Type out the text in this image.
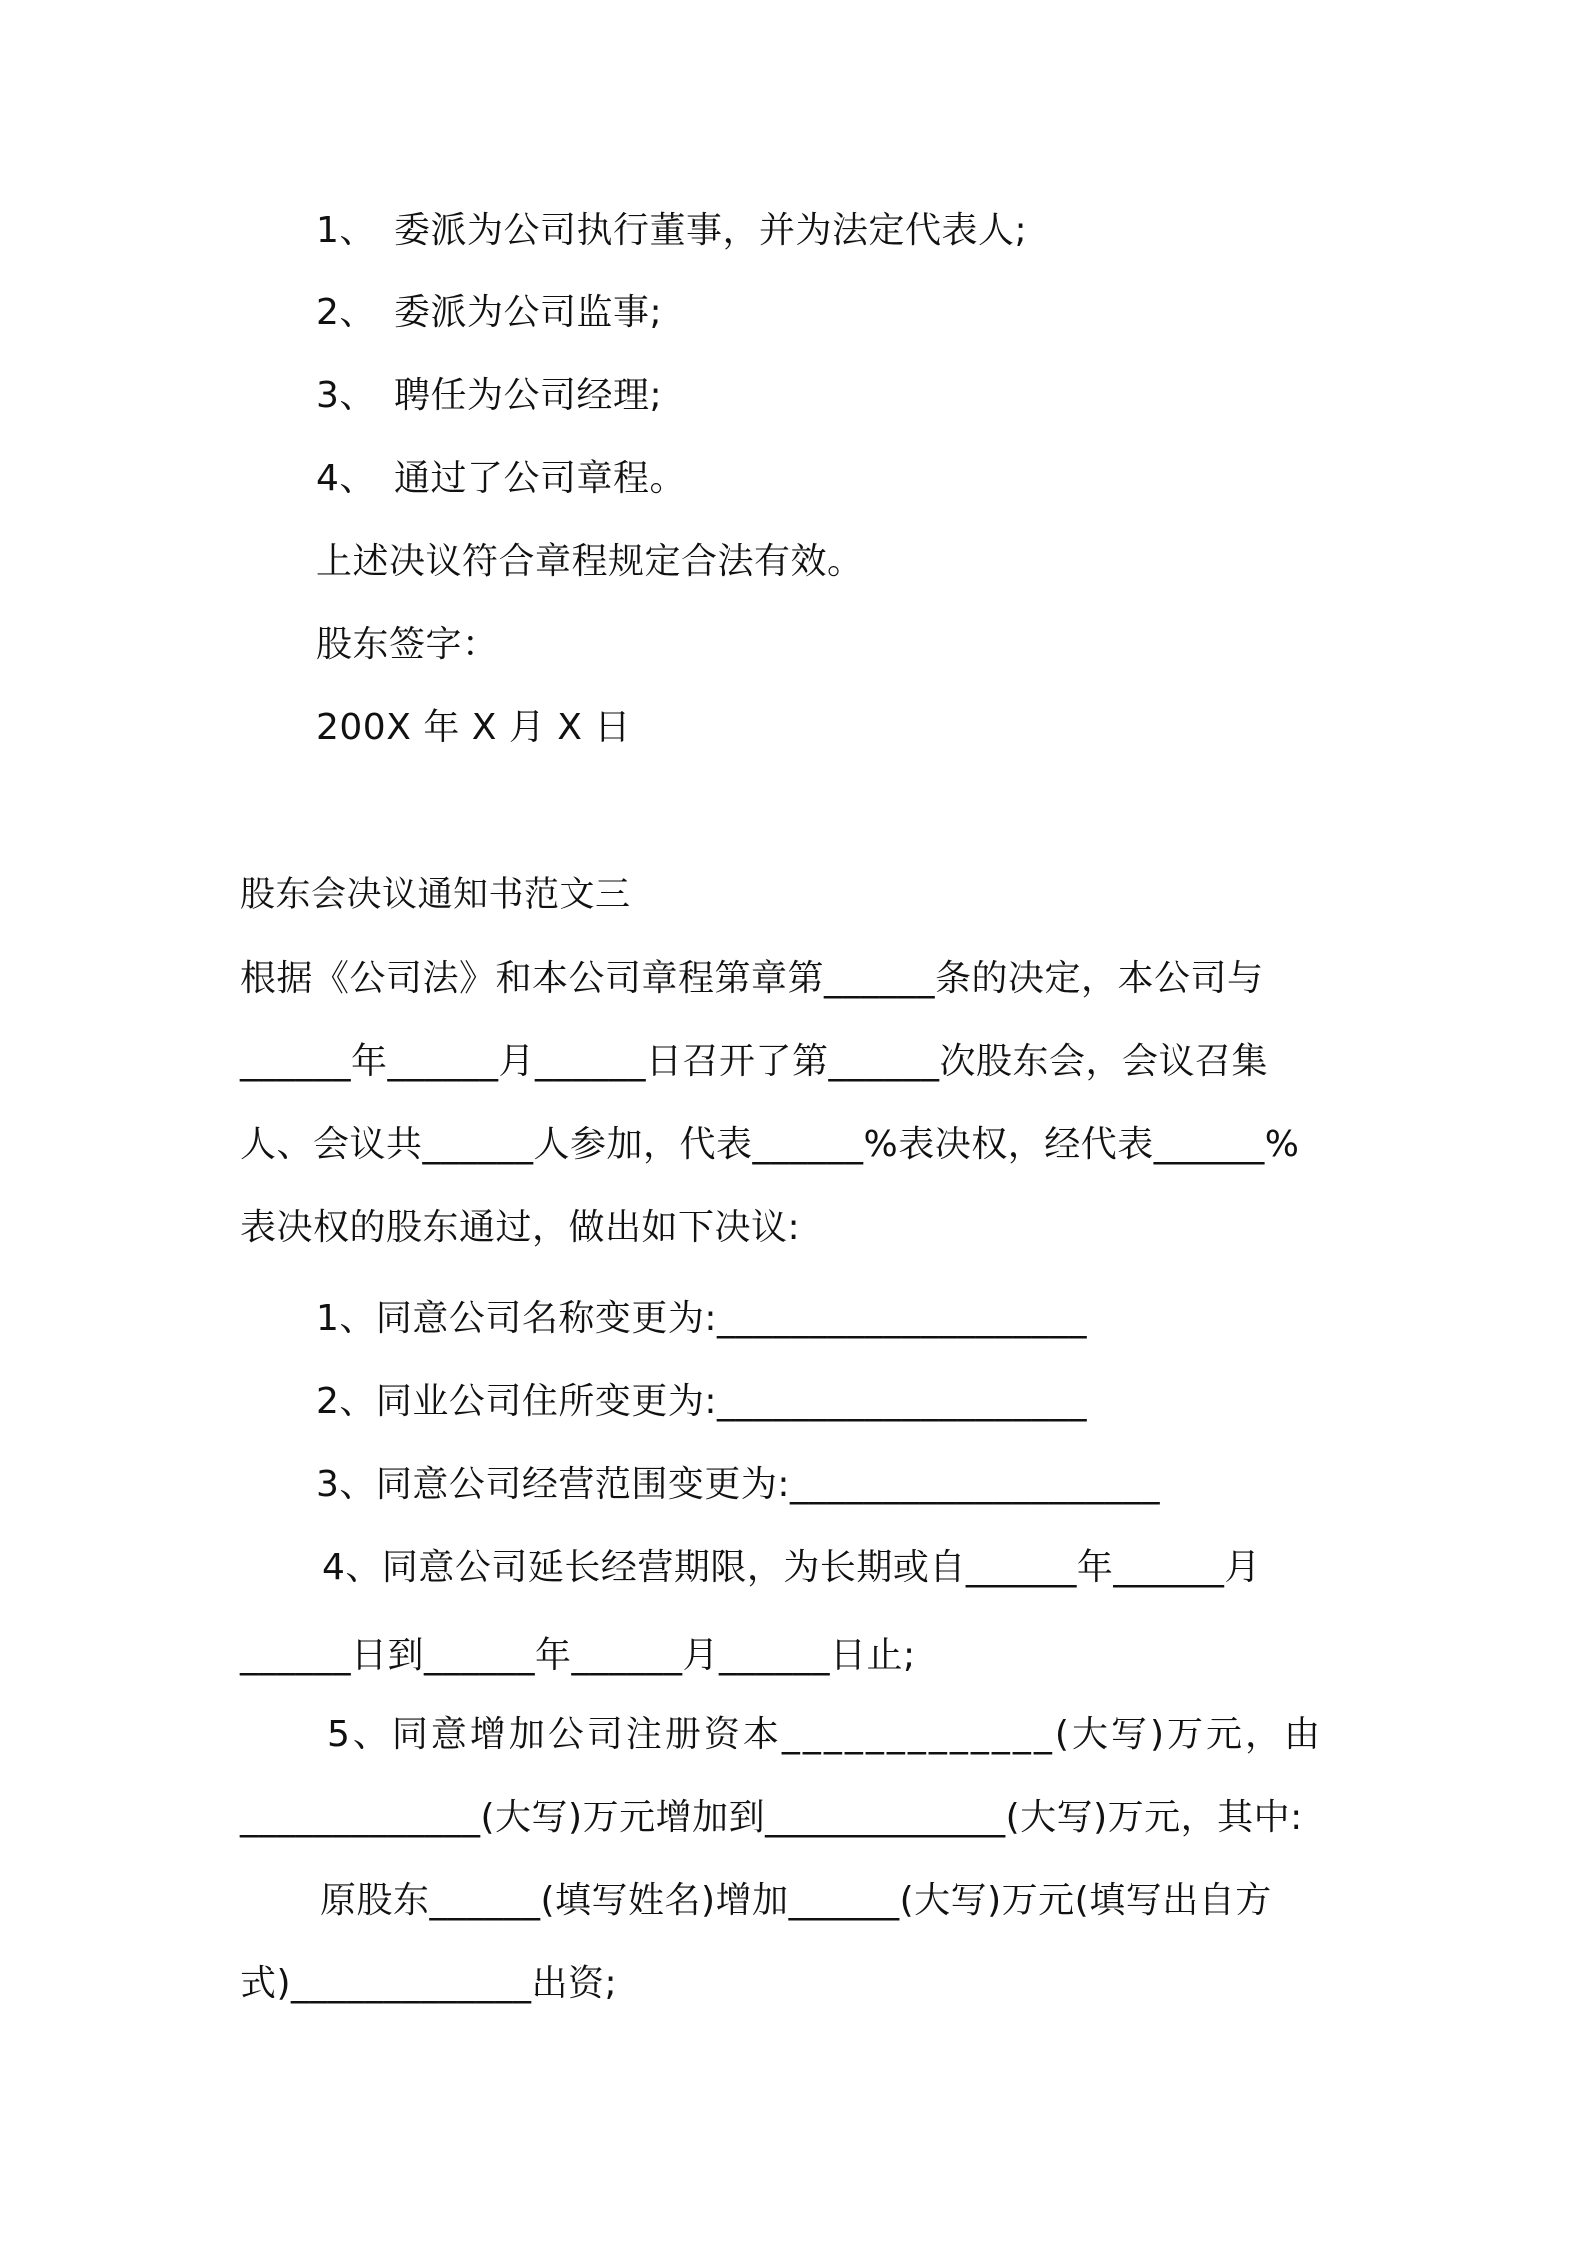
1、 委派为公司执行董事，并为法定代表人;
2、 委派为公司监事;
3、 聘任为公司经理;
4、 通过了公司章程。
上述决议符合章程规定合法有效。
股东签字：
200X 年 X 月 X 日
股东会决议通知书范文三
根据《公司法》和本公司章程第章第______条的决定，本公司与
______年______月______日召开了第______次股东会，会议召集
人、会议共______人参加，代表______%表决权，经代表______%
表决权的股东通过，做出如下决议:
1、同意公司名称变更为:____________________
2、同业公司住所变更为:____________________
3、同意公司经营范围变更为:____________________
4、同意公司延长经营期限，为长期或自______年______月
______日到______年______月______日止;
5、同意增加公司注册资本_____________(大写)万元，由
_____________(大写)万元增加到_____________(大写)万元，其中:
原股东______(填写姓名)增加______(大写)万元(填写出自方
式)_____________出资;
